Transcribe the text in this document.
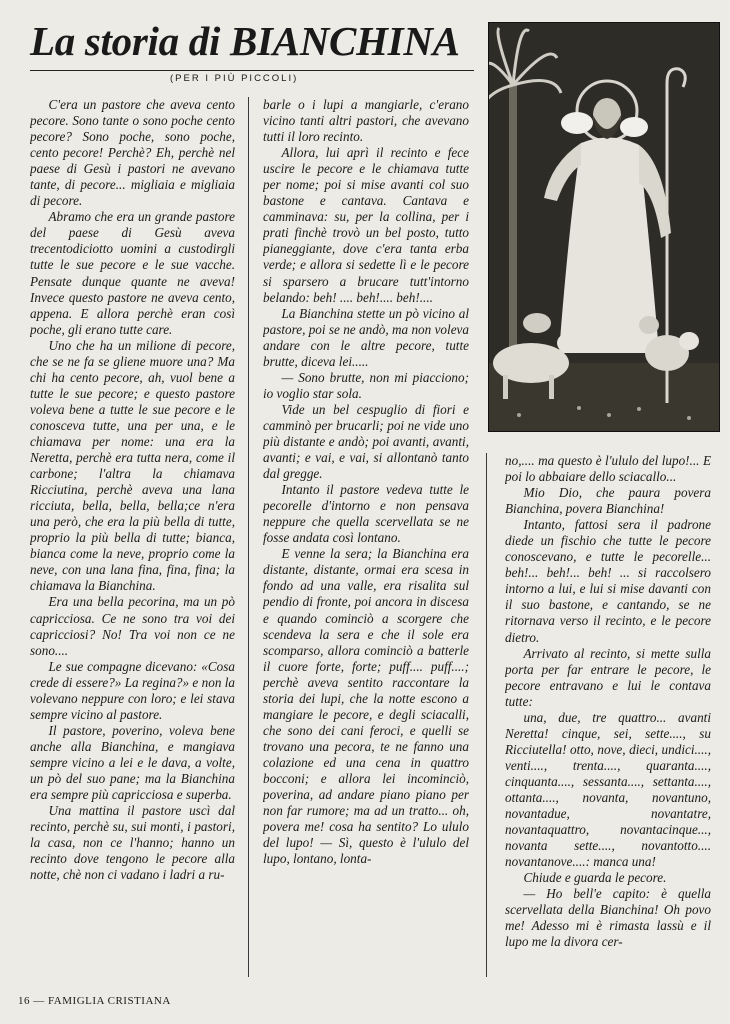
La storia di BIANCHINA
(PER I PIÙ PICCOLI)

C'era un pastore che aveva cento pecore. Sono tante o sono poche cento pecore? Sono poche, sono poche, cento pecore! Perchè? Eh, perchè nel paese di Gesù i pastori ne avevano tante, di pecore... migliaia e migliaia di pecore.

Abramo che era un grande pastore del paese di Gesù aveva trecentodiciotto uomini a custodirgli tutte le sue pecore e le sue vacche. Pensate dunque quante ne aveva! Invece questo pastore ne aveva cento, appena. E allora perchè eran così poche, gli erano tutte care.

Uno che ha un milione di pecore, che se ne fa se gliene muore una? Ma chi ha cento pecore, ah, vuol bene a tutte le sue pecore; e questo pastore voleva bene a tutte le sue pecore e le conosceva tutte, una per una, e le chiamava per nome: una era la Neretta, perchè era tutta nera, come il carbone; l'altra la chiamava Ricciutina, perchè aveva una lana ricciuta, bella, bella, bella;ce n'era una però, che era la più bella di tutte, proprio la più bella di tutte; bianca, bianca come la neve, proprio come la neve, con una lana fina, fina, fina; la chiamava la Bianchina.

Era una bella pecorina, ma un pò capricciosa. Ce ne sono tra voi dei capricciosi? No! Tra voi non ce ne sono....

Le sue compagne dicevano: «Cosa crede di essere?» La regina?» e non la volevano neppure con loro; e lei stava sempre vicino al pastore.

Il pastore, poverino, voleva bene anche alla Bianchina, e mangiava sempre vicino a lei e le dava, a volte, un pò del suo pane; ma la Bianchina era sempre più capricciosa e superba.

Una mattina il pastore uscì dal recinto, perchè su, sui monti, i pastori, la casa, non ce l'hanno; hanno un recinto dove tengono le pecore alla notte, chè non ci vadano i ladri a ru-

barle o i lupi a mangiarle, c'erano vicino tanti altri pastori, che avevano tutti il loro recinto.

Allora, lui aprì il recinto e fece uscire le pecore e le chiamava tutte per nome; poi si mise avanti col suo bastone e cantava. Cantava e camminava: su, per la collina, per i prati finchè trovò un bel posto, tutto pianeggiante, dove c'era tanta erba verde; e allora si sedette lì e le pecore si sparsero a brucare tutt'intorno belando: beh! .... beh!.... beh!....

La Bianchina stette un pò vicino al pastore, poi se ne andò, ma non voleva andare con le altre pecore, tutte brutte, diceva lei.....

— Sono brutte, non mi piacciono; io voglio star sola.

Vide un bel cespuglio di fiori e camminò per brucarli; poi ne vide uno più distante e andò; poi avanti, avanti, avanti; e vai, e vai, si allontanò tanto dal gregge.

Intanto il pastore vedeva tutte le pecorelle d'intorno e non pensava neppure che quella scervellata se ne fosse andata così lontano.

E venne la sera; la Bianchina era distante, distante, ormai era scesa in fondo ad una valle, era risalita sul pendio di fronte, poi ancora in discesa e quando cominciò a scorgere che scendeva la sera e che il sole era scomparso, allora cominciò a batterle il cuore forte, forte; puff.... puff....; perchè aveva sentito raccontare la storia dei lupi, che la notte escono a mangiare le pecore, e degli sciacalli, che sono dei cani feroci, e quelli se trovano una pecora, te ne fanno una colazione ed una cena in quattro bocconi; e allora lei incominciò, poverina, ad andare piano piano per non far rumore; ma ad un tratto... oh, povera me! cosa ha sentito? Lo ululo del lupo! — Sì, questo è l'ululo del lupo, lontano, lonta-

no,.... ma questo è l'ululo del lupo!... E poi lo abbaiare dello sciacallo...

Mio Dio, che paura povera Bianchina, povera Bianchina!

Intanto, fattosi sera il padrone diede un fischio che tutte le pecore conoscevano, e tutte le pecorelle... beh!... beh!... beh! ... si raccolsero intorno a lui, e lui si mise davanti con il suo bastone, e cantando, se ne ritornava verso il recinto, e le pecore dietro.

Arrivato al recinto, si mette sulla porta per far entrare le pecore, le pecore entravano e lui le contava tutte:

una, due, tre quattro... avanti Neretta! cinque, sei, sette...., su Ricciutella! otto, nove, dieci, undici...., venti...., trenta...., quaranta...., cinquanta...., sessanta...., settanta...., ottanta...., novanta, novantuno, novantadue, novantatre, novantaquattro, novantacinque..., novanta sette...., novantotto.... novantanove....: manca una!

Chiude e guarda le pecore.

— Ho bell'e capito: è quella scervellata della Bianchina! Oh povo me! Adesso mi è rimasta lassù e il lupo me la divora cer-

16 — FAMIGLIA CRISTIANA
